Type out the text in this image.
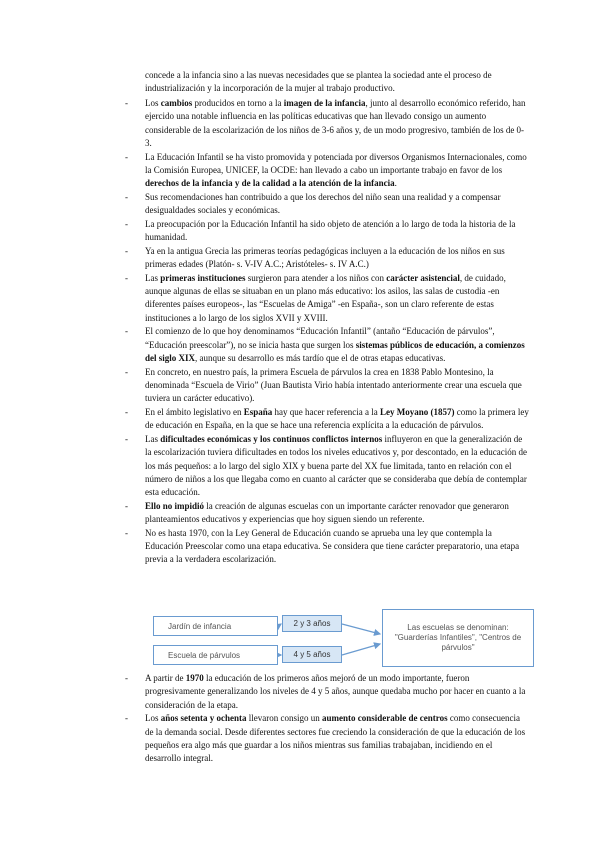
concede a la infancia sino a las nuevas necesidades que se plantea la sociedad ante el proceso de industrialización y la incorporación de la mujer al trabajo productivo.
- Los cambios producidos en torno a la imagen de la infancia, junto al desarrollo económico referido, han ejercido una notable influencia en las políticas educativas que han llevado consigo un aumento considerable de la escolarización de los niños de 3-6 años y, de un modo progresivo, también de los de 0-3.
- La Educación Infantil se ha visto promovida y potenciada por diversos Organismos Internacionales, como la Comisión Europea, UNICEF, la OCDE: han llevado a cabo un importante trabajo en favor de los derechos de la infancia y de la calidad a la atención de la infancia.
- Sus recomendaciones han contribuido a que los derechos del niño sean una realidad y a compensar desigualdades sociales y económicas.
- La preocupación por la Educación Infantil ha sido objeto de atención a lo largo de toda la historia de la humanidad.
- Ya en la antigua Grecia las primeras teorías pedagógicas incluyen a la educación de los niños en sus primeras edades (Platón- s. V-IV A.C.; Aristóteles- s. IV A.C.)
- Las primeras instituciones surgieron para atender a los niños con carácter asistencial, de cuidado, aunque algunas de ellas se situaban en un plano más educativo: los asilos, las salas de custodia -en diferentes países europeos-, las “Escuelas de Amiga” -en España-, son un claro referente de estas instituciones a lo largo de los siglos XVII y XVIII.
- El comienzo de lo que hoy denominamos “Educación Infantil” (antaño “Educación de párvulos”, “Educación preescolar”), no se inicia hasta que surgen los sistemas públicos de educación, a comienzos del siglo XIX, aunque su desarrollo es más tardío que el de otras etapas educativas.
- En concreto, en nuestro país, la primera Escuela de párvulos la crea en 1838 Pablo Montesino, la denominada “Escuela de Virio” (Juan Bautista Virio había intentado anteriormente crear una escuela que tuviera un carácter educativo).
- En el ámbito legislativo en España hay que hacer referencia a la Ley Moyano (1857) como la primera ley de educación en España, en la que se hace una referencia explícita a la educación de párvulos.
- Las dificultades económicas y los continuos conflictos internos influyeron en que la generalización de la escolarización tuviera dificultades en todos los niveles educativos y, por descontado, en la educación de los más pequeños: a lo largo del siglo XIX y buena parte del XX fue limitada, tanto en relación con el número de niños a los que llegaba como en cuanto al carácter que se consideraba que debía de contemplar esta educación.
- Ello no impidió la creación de algunas escuelas con un importante carácter renovador que generaron planteamientos educativos y experiencias que hoy siguen siendo un referente.
- No es hasta 1970, con la Ley General de Educación cuando se aprueba una ley que contempla la Educación Preescolar como una etapa educativa. Se considera que tiene carácter preparatorio, una etapa previa a la verdadera escolarización.
Jardín de infancia
Escuela de párvulos
2 y 3 años
4 y 5 años
Las escuelas se denominan: "Guarderías Infantiles", "Centros de párvulos"
- A partir de 1970 la educación de los primeros años mejoró de un modo importante, fueron progresivamente generalizando los niveles de 4 y 5 años, aunque quedaba mucho por hacer en cuanto a la consideración de la etapa.
- Los años setenta y ochenta llevaron consigo un aumento considerable de centros como consecuencia de la demanda social. Desde diferentes sectores fue creciendo la consideración de que la educación de los pequeños era algo más que guardar a los niños mientras sus familias trabajaban, incidiendo en el desarrollo integral.
